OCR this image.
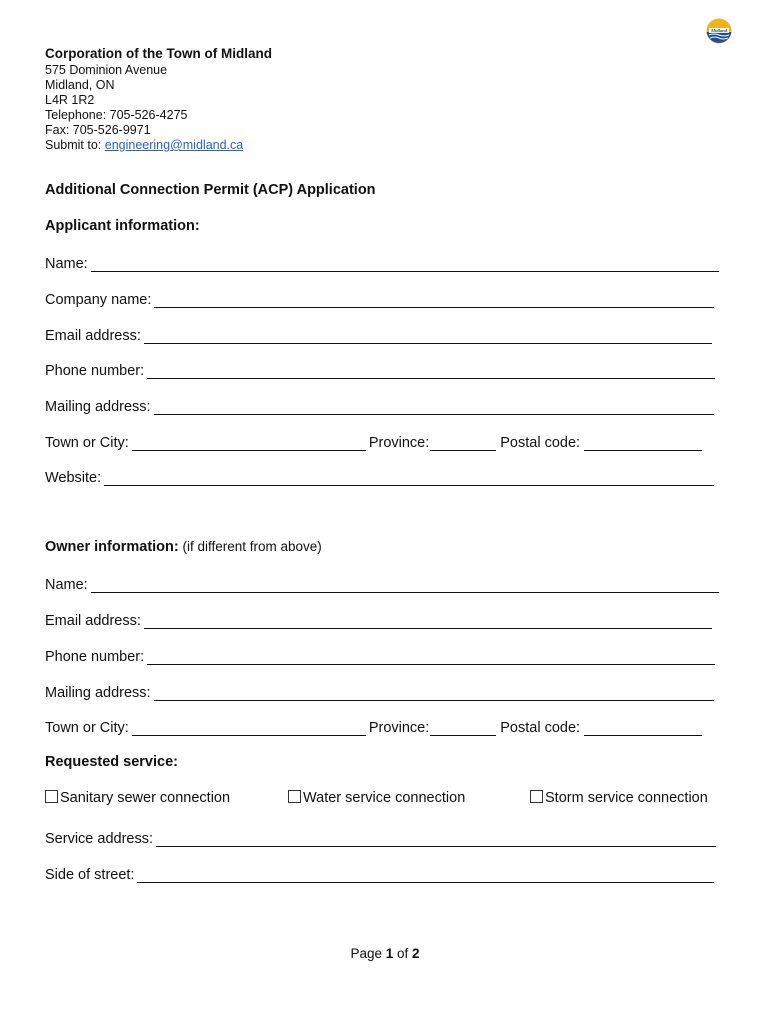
Midland
Corporation of the Town of Midland
575 Dominion Avenue
Midland, ON
L4R 1R2
Telephone: 705-526-4275
Fax: 705-526-9971
Submit to: engineering@midland.ca
Additional Connection Permit (ACP) Application
Applicant information:
Name:
Company name:
Email address:
Phone number:
Mailing address:
Town or City:	Province:	Postal code:
Website:
Owner information: (if different from above)
Name:
Email address:
Phone number:
Mailing address:
Town or City:	Province:	Postal code:
Requested service:
Sanitary sewer connection	Water service connection	Storm service connection
Service address:
Side of street:
Page 1 of 2
